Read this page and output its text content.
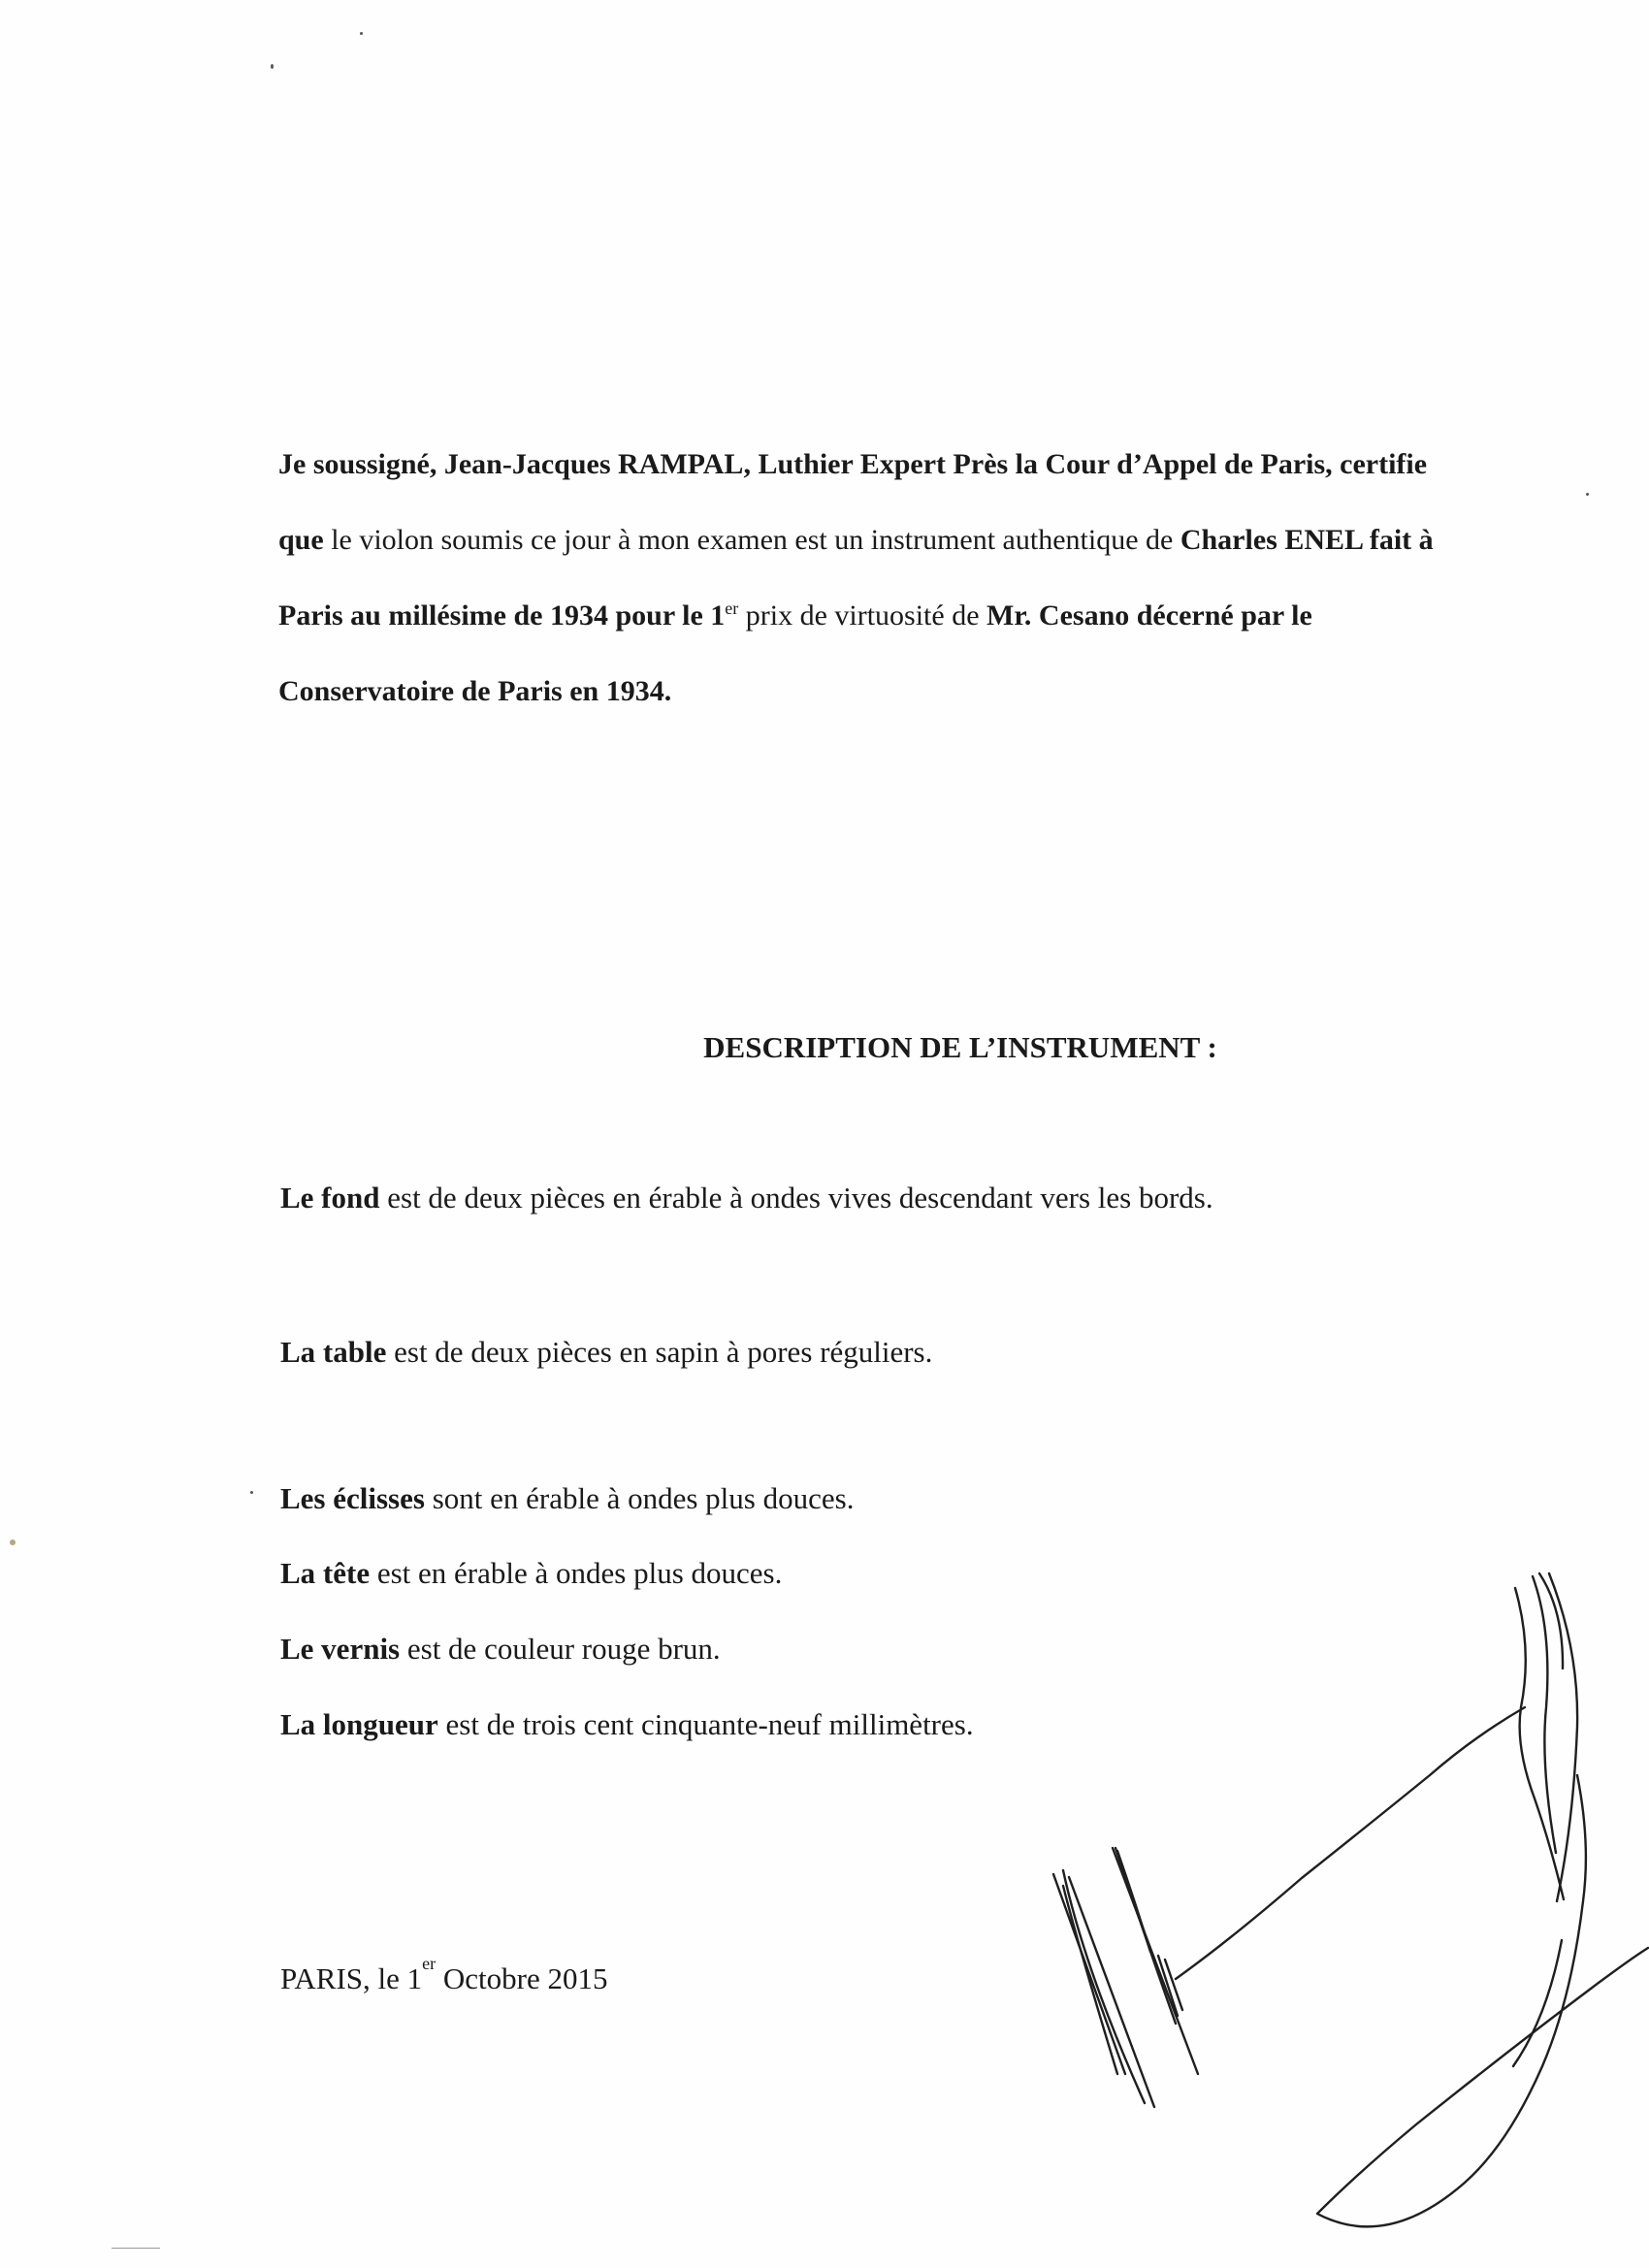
Je soussigné, Jean-Jacques RAMPAL, Luthier Expert Près la Cour d’Appel de Paris, certifie
que le violon soumis ce jour à mon examen est un instrument authentique de Charles ENEL fait à
Paris au millésime de 1934 pour le 1er prix de virtuosité de Mr. Cesano décerné par le
Conservatoire de Paris en 1934.
DESCRIPTION DE L’INSTRUMENT :
Le fond est de deux pièces en érable à ondes vives descendant vers les bords.
La table est de deux pièces en sapin à pores réguliers.
Les éclisses sont en érable à ondes plus douces.
La tête est en érable à ondes plus douces.
Le vernis est de couleur rouge brun.
La longueur est de trois cent cinquante-neuf millimètres.
PARIS, le 1er Octobre 2015
